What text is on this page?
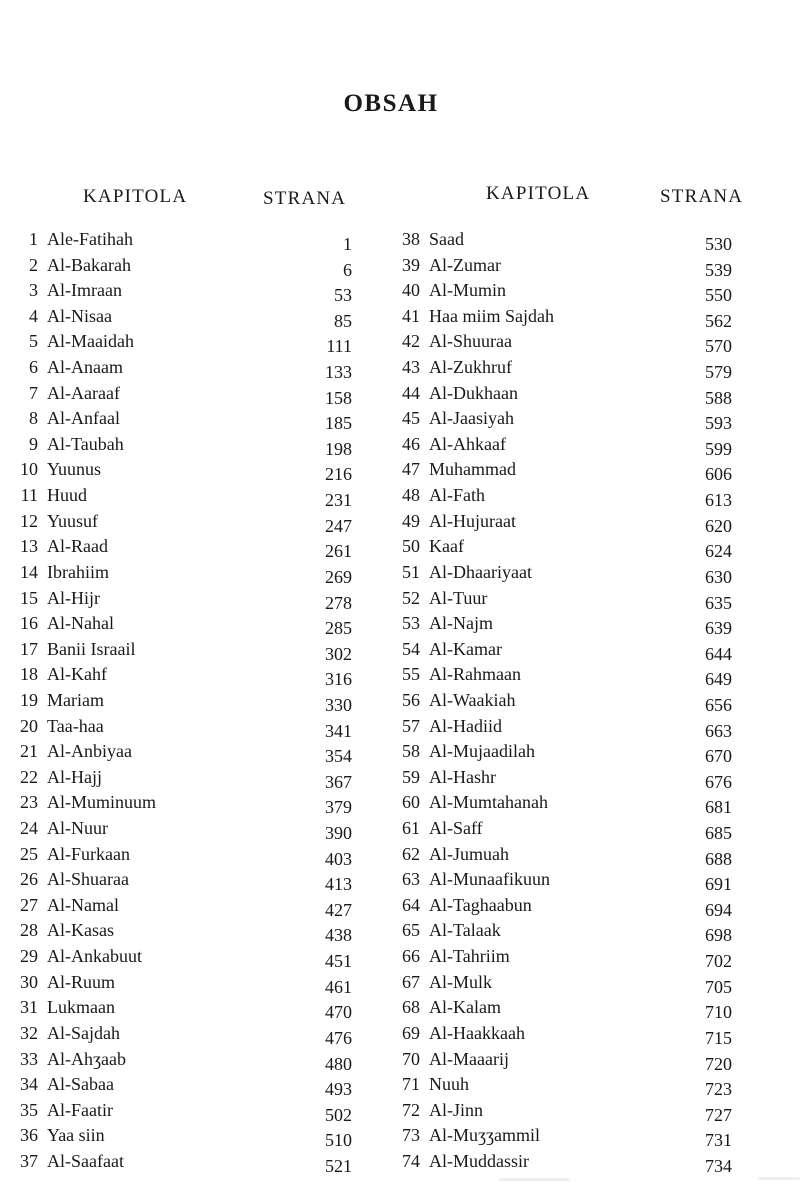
OBSAH
KAPITOLA	STRANA	KAPITOLA	STRANA
1 Ale-Fatihah	1
2 Al-Bakarah	6
3 Al-Imraan	53
4 Al-Nisaa	85
5 Al-Maaidah	111
6 Al-Anaam	133
7 Al-Aaraaf	158
8 Al-Anfaal	185
9 Al-Taubah	198
10 Yuunus	216
11 Huud	231
12 Yuusuf	247
13 Al-Raad	261
14 Ibrahiim	269
15 Al-Hijr	278
16 Al-Nahal	285
17 Banii Israail	302
18 Al-Kahf	316
19 Mariam	330
20 Taa-haa	341
21 Al-Anbiyaa	354
22 Al-Hajj	367
23 Al-Muminuum	379
24 Al-Nuur	390
25 Al-Furkaan	403
26 Al-Shuaraa	413
27 Al-Namal	427
28 Al-Kasas	438
29 Al-Ankabuut	451
30 Al-Ruum	461
31 Lukmaan	470
32 Al-Sajdah	476
33 Al-Ahʒaab	480
34 Al-Sabaa	493
35 Al-Faatir	502
36 Yaa siin	510
37 Al-Saafaat	521
38 Saad	530
39 Al-Zumar	539
40 Al-Mumin	550
41 Haa miim Sajdah	562
42 Al-Shuuraa	570
43 Al-Zukhruf	579
44 Al-Dukhaan	588
45 Al-Jaasiyah	593
46 Al-Ahkaaf	599
47 Muhammad	606
48 Al-Fath	613
49 Al-Hujuraat	620
50 Kaaf	624
51 Al-Dhaariyaat	630
52 Al-Tuur	635
53 Al-Najm	639
54 Al-Kamar	644
55 Al-Rahmaan	649
56 Al-Waakiah	656
57 Al-Hadiid	663
58 Al-Mujaadilah	670
59 Al-Hashr	676
60 Al-Mumtahanah	681
61 Al-Saff	685
62 Al-Jumuah	688
63 Al-Munaafikuun	691
64 Al-Taghaabun	694
65 Al-Talaak	698
66 Al-Tahriim	702
67 Al-Mulk	705
68 Al-Kalam	710
69 Al-Haakkaah	715
70 Al-Maaarij	720
71 Nuuh	723
72 Al-Jinn	727
73 Al-Muʒʒammil	731
74 Al-Muddassir	734
